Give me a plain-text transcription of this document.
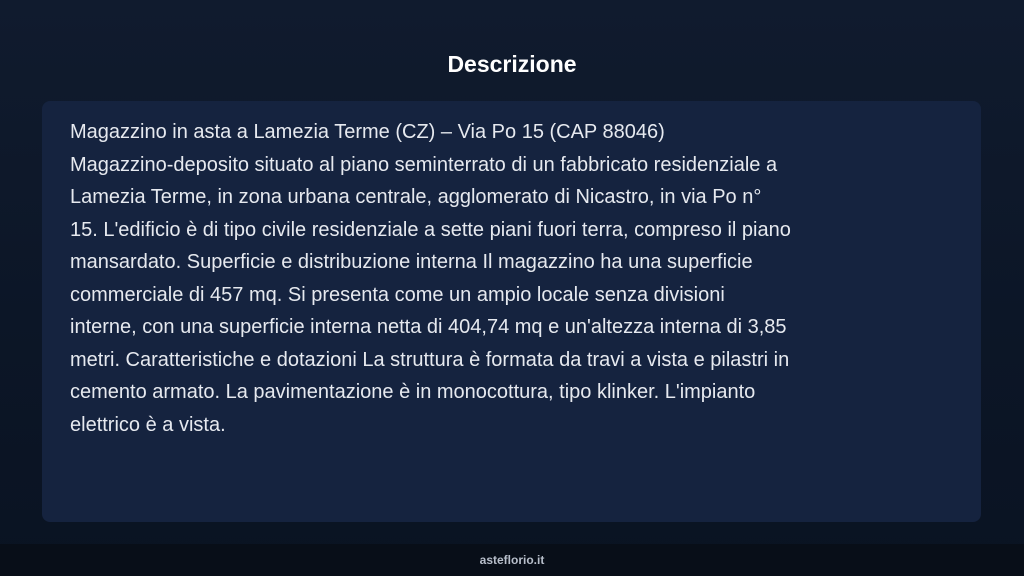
Descrizione
Magazzino in asta a Lamezia Terme (CZ) – Via Po 15 (CAP 88046)
Magazzino-deposito situato al piano seminterrato di un fabbricato residenziale a
Lamezia Terme, in zona urbana centrale, agglomerato di Nicastro, in via Po n°
15. L'edificio è di tipo civile residenziale a sette piani fuori terra, compreso il piano
mansardato. Superficie e distribuzione interna Il magazzino ha una superficie
commerciale di 457 mq. Si presenta come un ampio locale senza divisioni
interne, con una superficie interna netta di 404,74 mq e un'altezza interna di 3,85
metri. Caratteristiche e dotazioni La struttura è formata da travi a vista e pilastri in
cemento armato. La pavimentazione è in monocottura, tipo klinker. L'impianto
elettrico è a vista.
asteflorio.it
